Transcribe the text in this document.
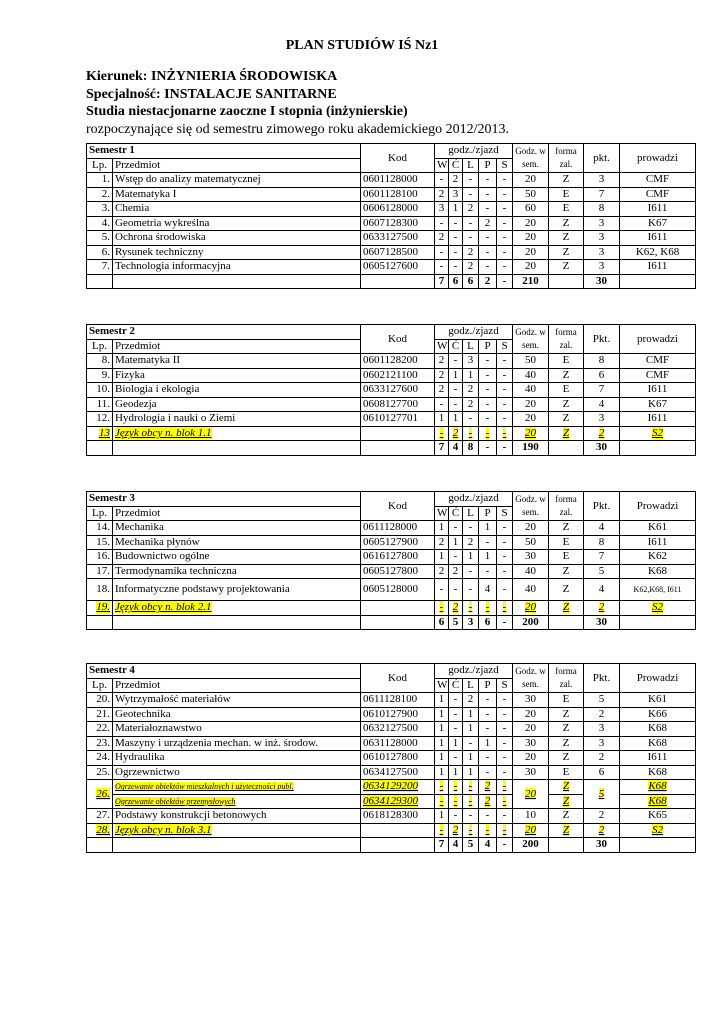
PLAN STUDIÓW IŚ Nz1
Kierunek: INŻYNIERIA ŚRODOWISKA
Specjalność: INSTALACJE SANITARNE
Studia niestacjonarne zaoczne I stopnia (inżynierskie)
rozpoczynające się od semestru zimowego roku akademickiego 2012/2013.
Semestr 1		Kod	godz./zjazd					Godz. w sem.	forma zal.	pkt.	prowadzi
Lp.	Przedmiot		W	Ć	L	P	S				
1.	Wstęp do analizy matematycznej	0601128000	-	2	-	-	-	20	Z	3	CMF
2.	Matematyka I	0601128100	2	3	-	-	-	50	E	7	CMF
3.	Chemia	0606128000	3	1	2	-	-	60	E	8	I611
4.	Geometria wykreślna	0607128300	-	-	-	2	-	20	Z	3	K67
5.	Ochrona środowiska	0633127500	2	-	-	-	-	20	Z	3	I611
6.	Rysunek techniczny	0607128500	-	-	2	-	-	20	Z	3	K62, K68
7.	Technologia informacyjna	0605127600	-	-	2	-	-	20	Z	3	I611
			7	6	6	2	-	210		30	
Semestr 2		Kod	godz./zjazd					Godz. w sem.	forma zal.	Pkt.	prowadzi
Lp.	Przedmiot		W	Ć	L	P	S				
8.	Matematyka II	0601128200	2	-	3	-	-	50	E	8	CMF
9.	Fizyka	0602121100	2	1	1	-	-	40	Z	6	CMF
10.	Biologia i ekologia	0633127600	2	-	2	-	-	40	E	7	I611
11.	Geodezja	0608127700	-	-	2	-	-	20	Z	4	K67
12.	Hydrologia i nauki o Ziemi	0610127701	1	1	-	-	-	20	Z	3	I611
13	Język obcy n. blok 1.1		-	2	-	-	-	20	Z	2	S2
			7	4	8	-	-	190		30	
Semestr 3		Kod	godz./zjazd					Godz. w sem.	forma zal.	Pkt.	Prowadzi
Lp.	Przedmiot		W	Ć	L	P	S				
14.	Mechanika	0611128000	1	-	-	1	-	20	Z	4	K61
15.	Mechanika płynów	0605127900	2	1	2	-	-	50	E	8	I611
16.	Budownictwo ogólne	0616127800	1	-	1	1	-	30	E	7	K62
17.	Termodynamika techniczna	0605127800	2	2	-	-	-	40	Z	5	K68
18.	Informatyczne podstawy projektowania	0605128000	-	-	-	4	-	40	Z	4	K62,K68, I611
19.	Język obcy n. blok 2.1		-	2	-	-	-	20	Z	2	S2
			6	5	3	6	-	200		30	
Semestr 4		Kod	godz./zjazd					Godz. w sem.	forma zal.	Pkt.	Prowadzi
Lp.	Przedmiot		W	Ć	L	P	S				
20.	Wytrzymałość materiałów	0611128100	1	-	2	-	-	30	E	5	K61
21.	Geotechnika	0610127900	1	-	1	-	-	20	Z	2	K66
22.	Materiałoznawstwo	0632127500	1	-	1	-	-	20	Z	3	K68
23.	Maszyny i urządzenia mechan. w inż. środow.	0631128000	1	1	-	1	-	30	Z	3	K68
24.	Hydraulika	0610127800	1	-	1	-	-	20	Z	2	I611
25.	Ogrzewnictwo	0634127500	1	1	1	-	-	30	E	6	K68
26.	Ogrzewanie obiektów mieszkalnych i użyteczności publ.	0634129200	-	-	-	2	-	20	Z	5	K68
	Ogrzewanie obiektów przemysłowych	0634129300	-	-	-	2	-		Z		K68
27.	Podstawy konstrukcji betonowych	0618128300	1	-	-	-	-	10	Z	2	K65
28.	Język obcy n. blok 3.1		-	2	-	-	-	20	Z	2	S2
			7	4	5	4	-	200		30	
